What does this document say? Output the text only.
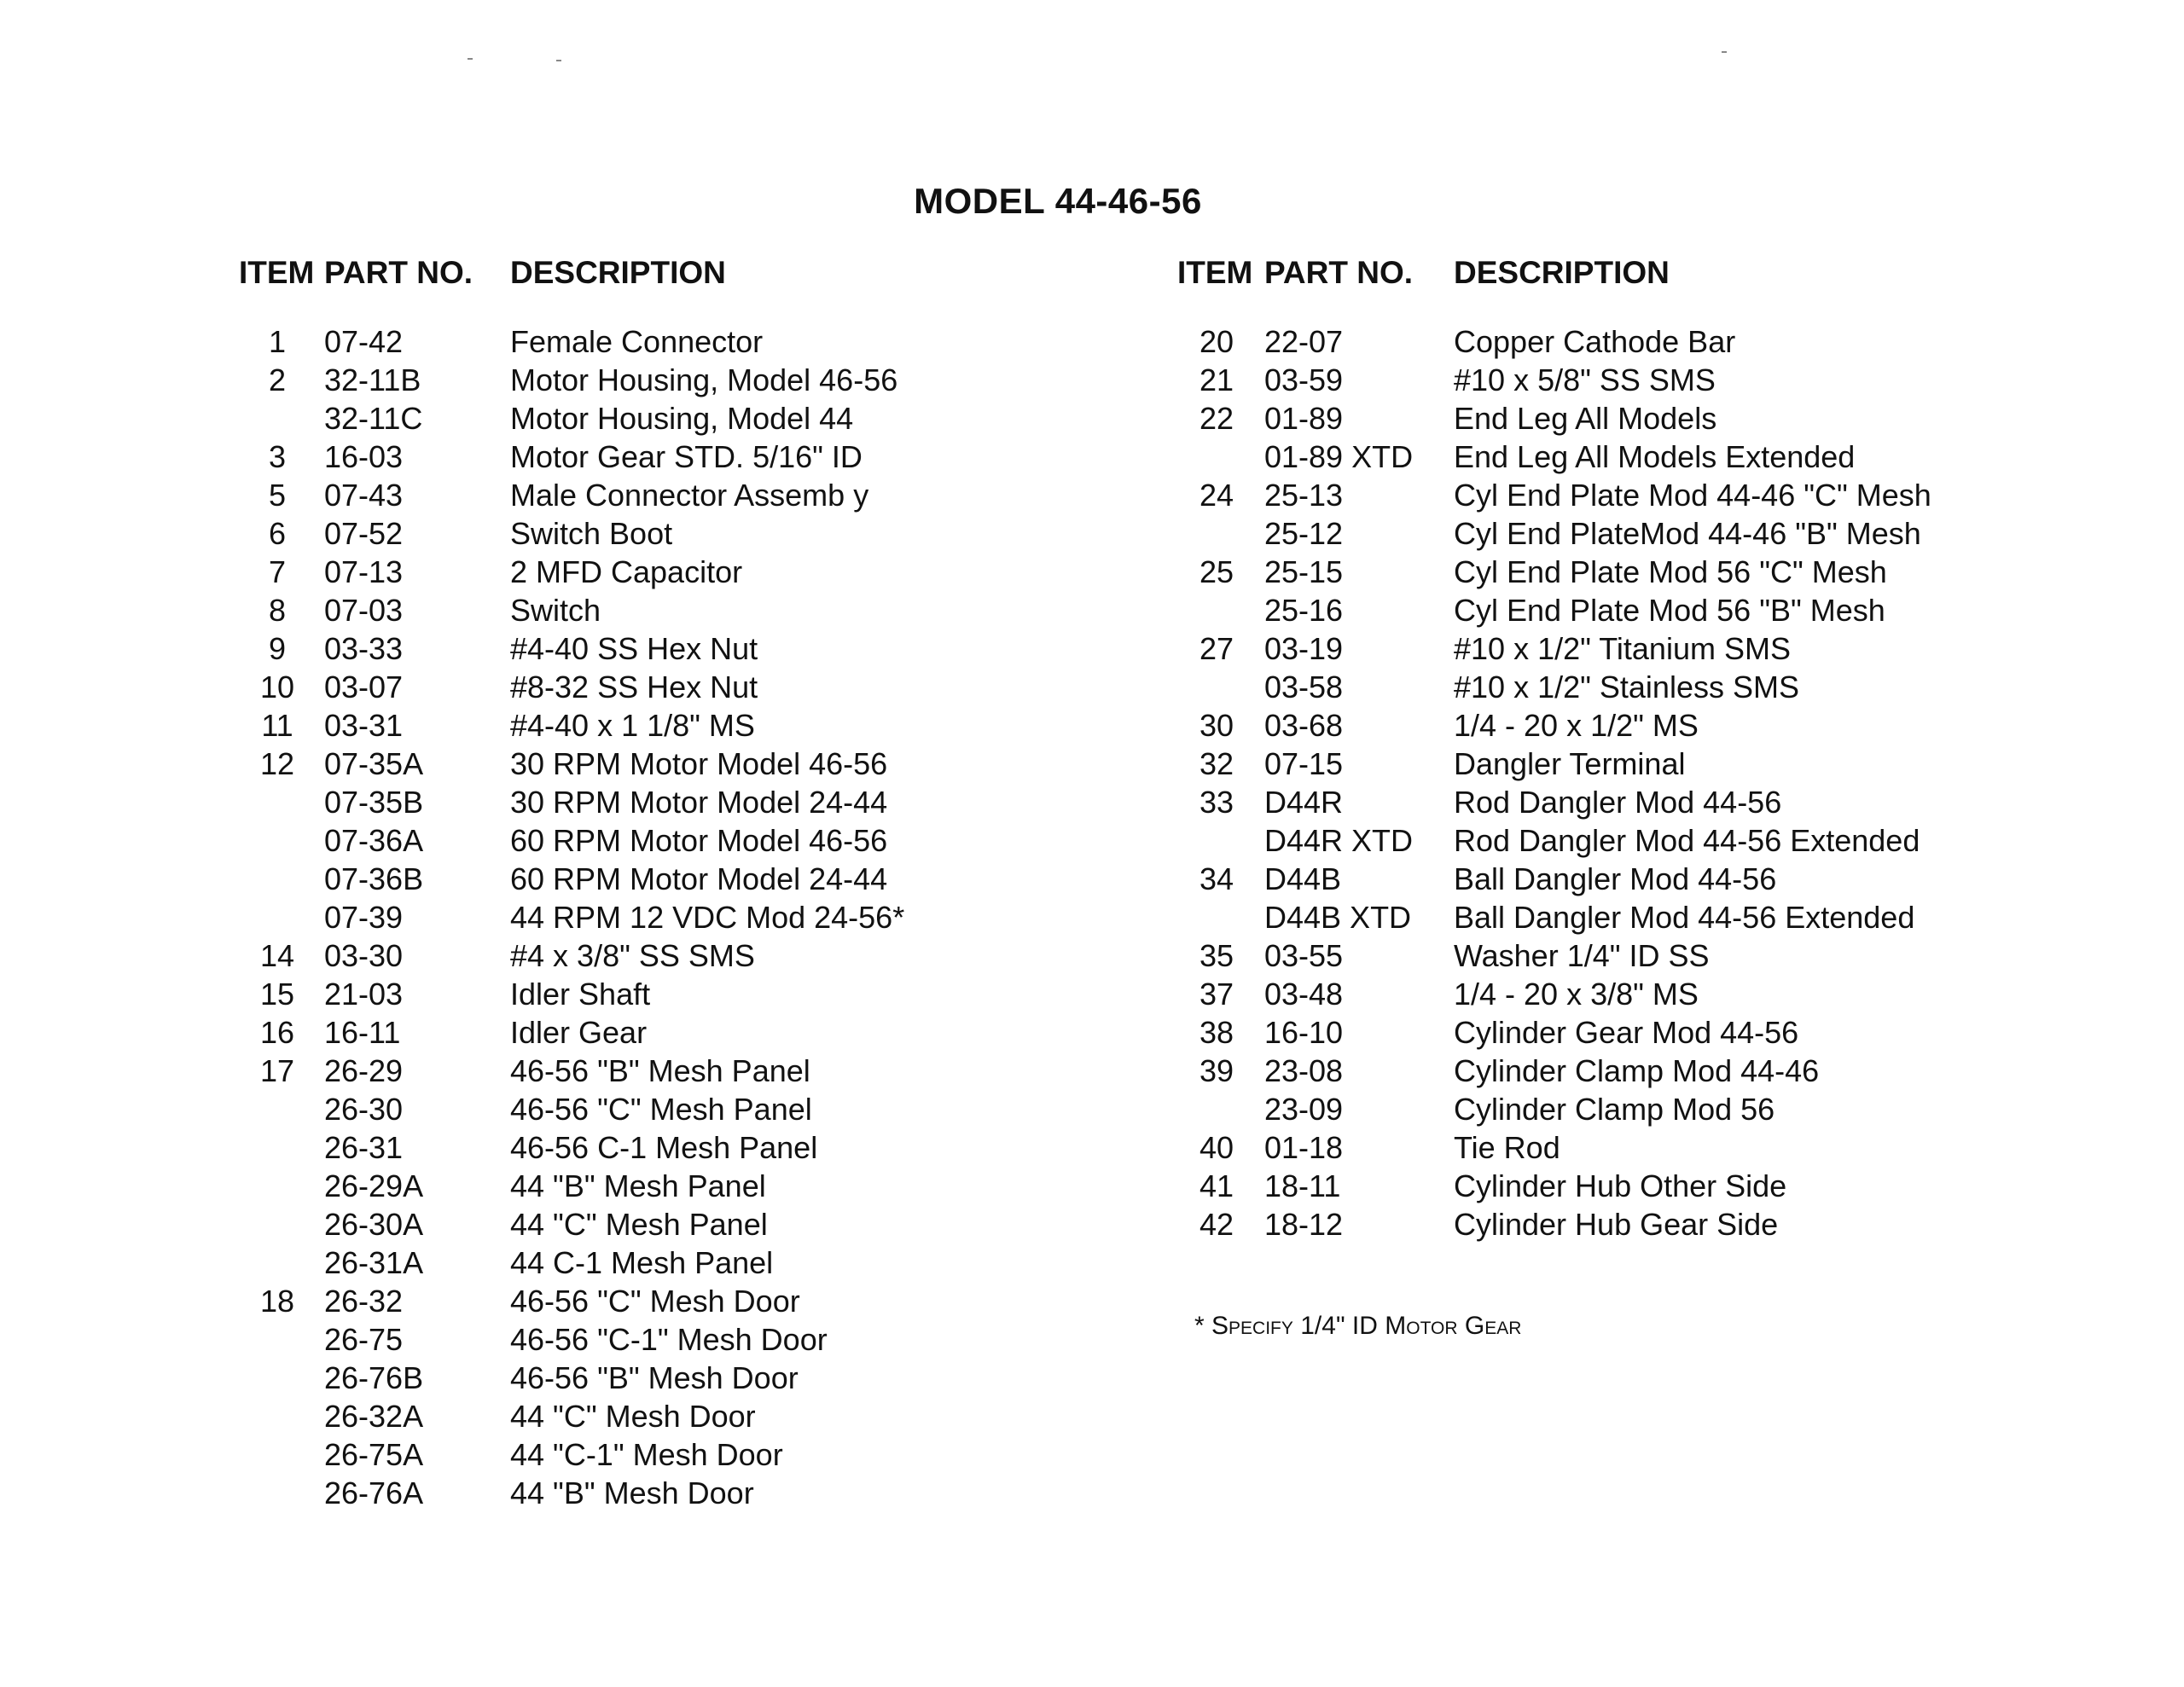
MODEL 44-46-56
ITEM PART NO.	DESCRIPTION
1	07-42	Female Connector
2	32-11B	Motor Housing, Model 46-56
32-11C	Motor Housing, Model 44
3	16-03	Motor Gear STD. 5/16" ID
5	07-43	Male Connector Assemb y
6	07-52	Switch Boot
7	07-13	2 MFD Capacitor
8	07-03	Switch
9	03-33	#4-40 SS Hex Nut
10 03-07	#8-32 SS Hex Nut
11	03-31	#4-40 x 1 1/8" MS
12 07-35A	30 RPM Motor Model 46-56
07-35B	30 RPM Motor Model 24-44
07-36A	60 RPM Motor Model 46-56
07-36B	60 RPM Motor Model 24-44
07-39	44 RPM 12 VDC Mod 24-56*
14 03-30	#4 x 3/8" SS SMS
15 21-03	Idler Shaft
16 16-11	Idler Gear
17 26-29	46-56 "B" Mesh Panel
26-30	46-56 "C" Mesh Panel
26-31	46-56 C-1 Mesh Panel
26-29A	44 "B" Mesh Panel
26-30A	44 "C" Mesh Panel
26-31A	44 C-1 Mesh Panel
18 26-32	46-56 "C" Mesh Door
26-75	46-56 "C-1" Mesh Door
26-76B	46-56 "B" Mesh Door
26-32A	44 "C" Mesh Door
26-75A	44 "C-1" Mesh Door
26-76A	44 "B" Mesh Door
ITEM PART NO.	DESCRIPTION
20 22-07	Copper Cathode Bar
21 03-59	#10 x 5/8" SS SMS
22 01-89	End Leg All Models
01-89 XTD	End Leg All Models Extended
24 25-13	Cyl End Plate Mod 44-46 "C" Mesh
25-12	Cyl End PlateMod 44-46 "B" Mesh
25 25-15	Cyl End Plate Mod 56 "C" Mesh
25-16	Cyl End Plate Mod 56 "B" Mesh
27 03-19	#10 x 1/2" Titanium SMS
03-58	#10 x 1/2" Stainless SMS
30 03-68	1/4 - 20 x 1/2" MS
32 07-15	Dangler Terminal
33 D44R	Rod Dangler Mod 44-56
D44R XTD	Rod Dangler Mod 44-56 Extended
34 D44B	Ball Dangler Mod 44-56
D44B XTD	Ball Dangler Mod 44-56 Extended
35 03-55	Washer 1/4" ID SS
37 03-48	1/4 - 20 x 3/8" MS
38 16-10	Cylinder Gear Mod 44-56
39 23-08	Cylinder Clamp Mod 44-46
23-09	Cylinder Clamp Mod 56
40 01-18	Tie Rod
41 18-11	Cylinder Hub Other Side
42 18-12	Cylinder Hub Gear Side
* Specify 1/4" ID Motor Gear
